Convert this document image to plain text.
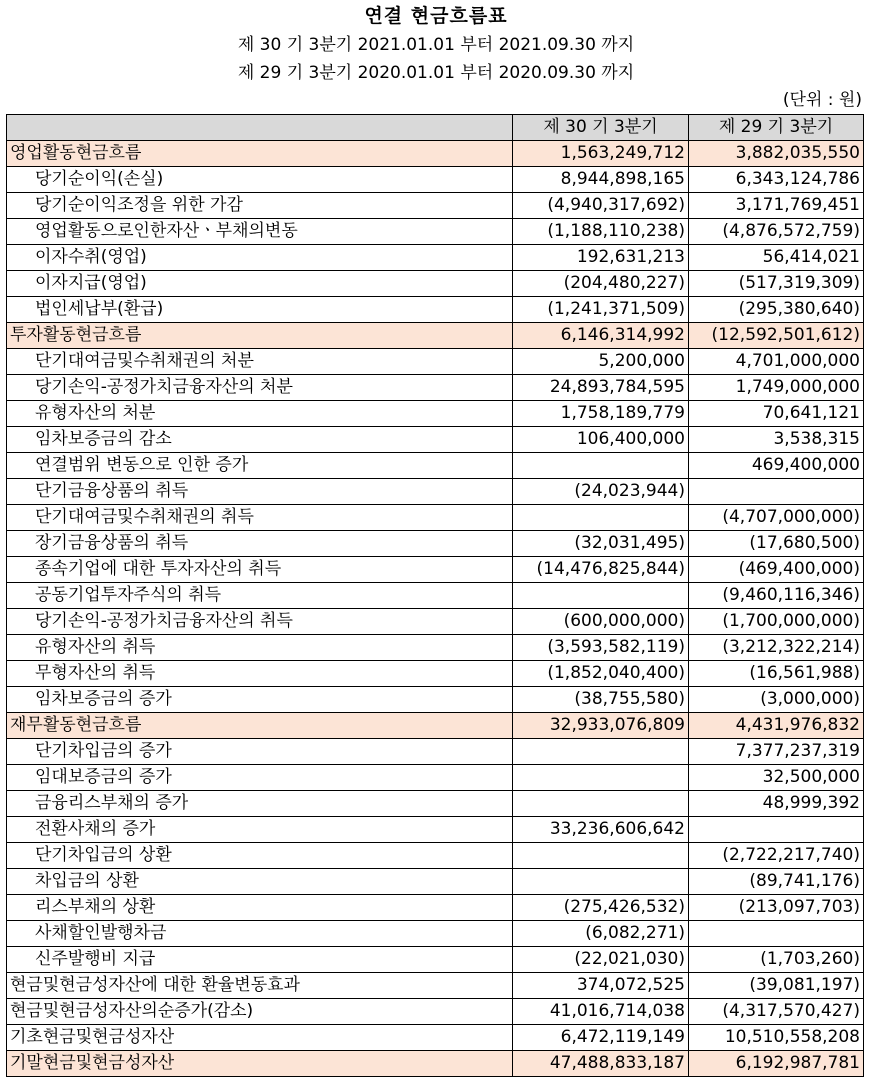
연결 현금흐름표
제 30 기 3분기 2021.01.01 부터 2021.09.30 까지
제 29 기 3분기 2020.01.01 부터 2020.09.30 까지
(단위 : 원)
	제 30 기 3분기	제 29 기 3분기
영업활동현금흐름	1,563,249,712	3,882,035,550
당기순이익(손실)	8,944,898,165	6,343,124,786
당기순이익조정을 위한 가감	(4,940,317,692)	3,171,769,451
영업활동으로인한자산ㆍ부채의변동	(1,188,110,238)	(4,876,572,759)
이자수취(영업)	192,631,213	56,414,021
이자지급(영업)	(204,480,227)	(517,319,309)
법인세납부(환급)	(1,241,371,509)	(295,380,640)
투자활동현금흐름	6,146,314,992	(12,592,501,612)
단기대여금및수취채권의 처분	5,200,000	4,701,000,000
당기손익-공정가치금융자산의 처분	24,893,784,595	1,749,000,000
유형자산의 처분	1,758,189,779	70,641,121
임차보증금의 감소	106,400,000	3,538,315
연결범위 변동으로 인한 증가		469,400,000
단기금융상품의 취득	(24,023,944)	
단기대여금및수취채권의 취득		(4,707,000,000)
장기금융상품의 취득	(32,031,495)	(17,680,500)
종속기업에 대한 투자자산의 취득	(14,476,825,844)	(469,400,000)
공동기업투자주식의 취득		(9,460,116,346)
당기손익-공정가치금융자산의 취득	(600,000,000)	(1,700,000,000)
유형자산의 취득	(3,593,582,119)	(3,212,322,214)
무형자산의 취득	(1,852,040,400)	(16,561,988)
임차보증금의 증가	(38,755,580)	(3,000,000)
재무활동현금흐름	32,933,076,809	4,431,976,832
단기차입금의 증가		7,377,237,319
임대보증금의 증가		32,500,000
금융리스부채의 증가		48,999,392
전환사채의 증가	33,236,606,642	
단기차입금의 상환		(2,722,217,740)
차입금의 상환		(89,741,176)
리스부채의 상환	(275,426,532)	(213,097,703)
사채할인발행차금	(6,082,271)	
신주발행비 지급	(22,021,030)	(1,703,260)
현금및현금성자산에 대한 환율변동효과	374,072,525	(39,081,197)
현금및현금성자산의순증가(감소)	41,016,714,038	(4,317,570,427)
기초현금및현금성자산	6,472,119,149	10,510,558,208
기말현금및현금성자산	47,488,833,187	6,192,987,781
